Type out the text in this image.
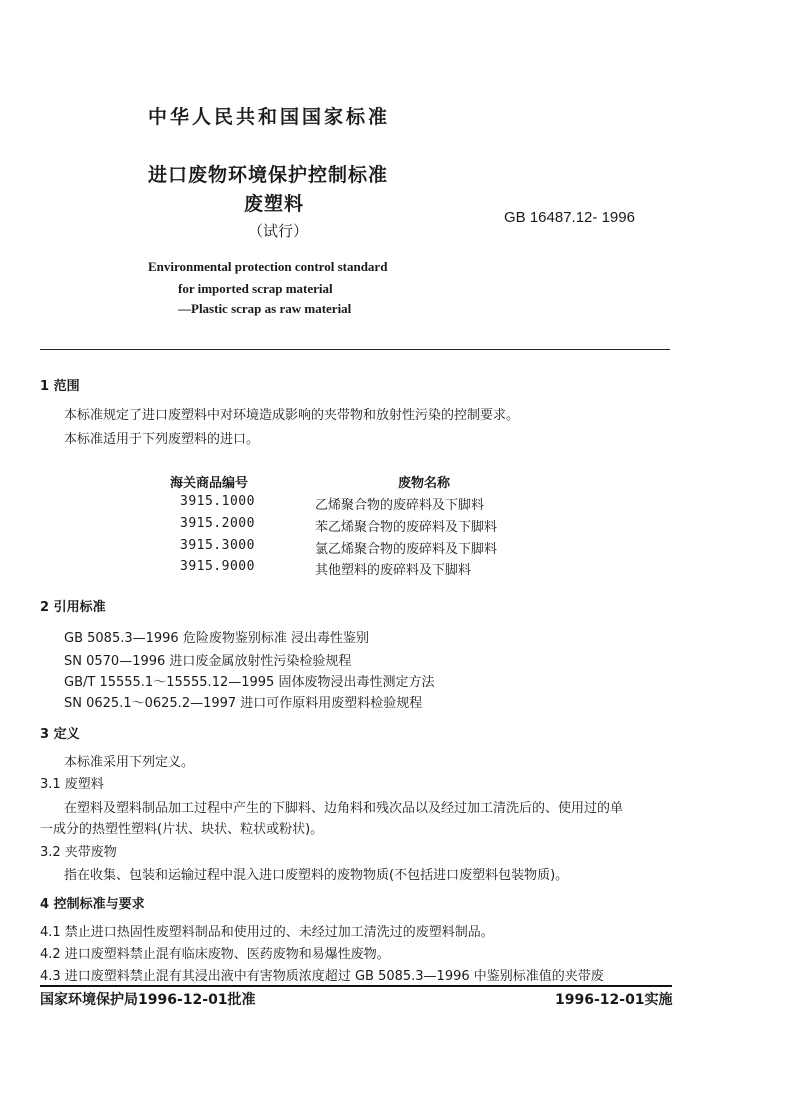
中华人民共和国国家标准
进口废物环境保护控制标准
废塑料
（试行）
GB 16487.12- 1996
Environmental protection control standard
for imported scrap material
—Plastic scrap as raw material
1 范围
本标准规定了进口废塑料中对环境造成影响的夹带物和放射性污染的控制要求。
本标准适用于下列废塑料的进口。
海关商品编号	废物名称
3915.1000	乙烯聚合物的废碎料及下脚料
3915.2000	苯乙烯聚合物的废碎料及下脚料
3915.3000	氯乙烯聚合物的废碎料及下脚料
3915.9000	其他塑料的废碎料及下脚料
2 引用标准
GB 5085.3—1996 危险废物鉴别标准 浸出毒性鉴别
SN 0570—1996 进口废金属放射性污染检验规程
GB/T 15555.1～15555.12—1995 固体废物浸出毒性测定方法
SN 0625.1～0625.2—1997 进口可作原料用废塑料检验规程
3 定义
本标准采用下列定义。
3.1 废塑料
在塑料及塑料制品加工过程中产生的下脚料、边角料和残次品以及经过加工清洗后的、使用过的单
一成分的热塑性塑料(片状、块状、粒状或粉状)。
3.2 夹带废物
指在收集、包装和运输过程中混入进口废塑料的废物物质(不包括进口废塑料包装物质)。
4 控制标准与要求
4.1 禁止进口热固性废塑料制品和使用过的、未经过加工清洗过的废塑料制品。
4.2 进口废塑料禁止混有临床废物、医药废物和易爆性废物。
4.3 进口废塑料禁止混有其浸出液中有害物质浓度超过 GB 5085.3—1996 中鉴别标准值的夹带废
国家环境保护局1996-12-01批准	1996-12-01实施
